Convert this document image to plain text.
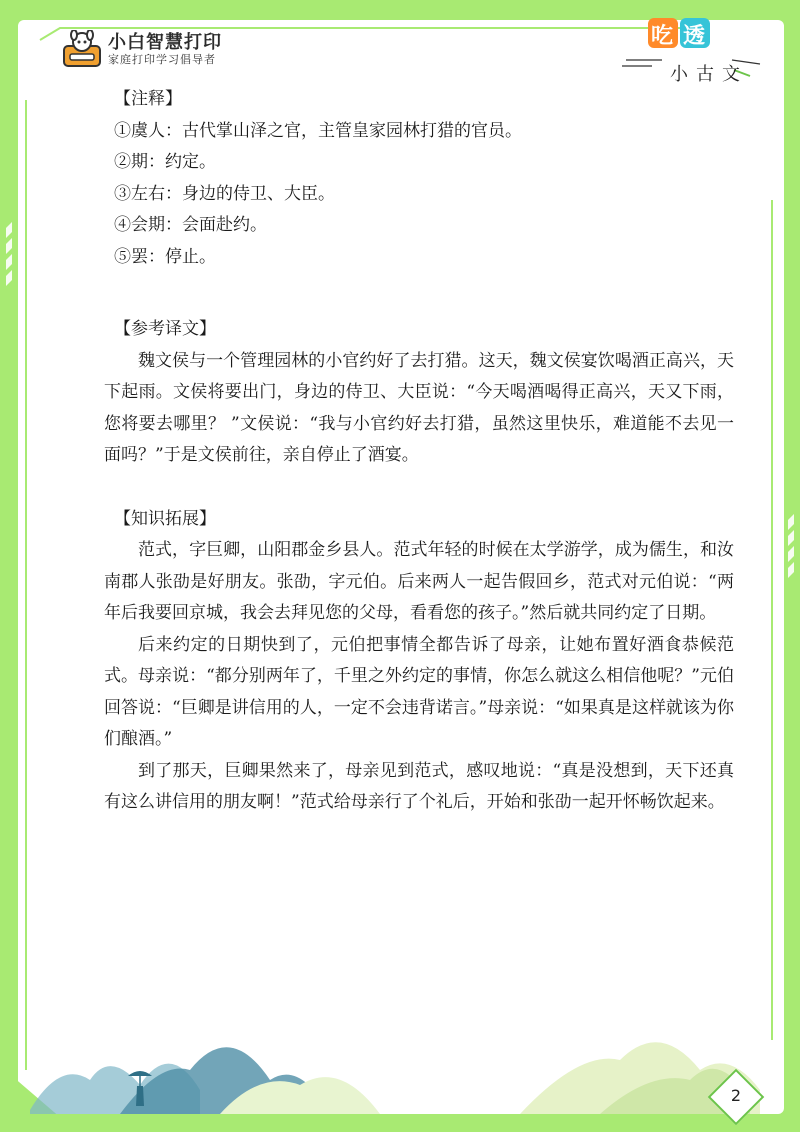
小白智慧打印
家庭打印学习倡导者
吃 透
小古文
【注释】
①虞人：古代掌山泽之官，主管皇家园林打猎的官员。
②期：约定。
③左右：身边的侍卫、大臣。
④会期：会面赴约。
⑤罢：停止。
【参考译文】

魏文侯与一个管理园林的小官约好了去打猎。这天，魏文侯宴饮喝酒正高兴，天下起雨。文侯将要出门，身边的侍卫、大臣说：“今天喝酒喝得正高兴，天又下雨，您将要去哪里？ ”文侯说：“我与小官约好去打猎，虽然这里快乐，难道能不去见一面吗？”于是文侯前往，亲自停止了酒宴。

【知识拓展】

范式，字巨卿，山阳郡金乡县人。范式年轻的时候在太学游学，成为儒生，和汝南郡人张劭是好朋友。张劭，字元伯。后来两人一起告假回乡，范式对元伯说：“两年后我要回京城，我会去拜见您的父母，看看您的孩子。”然后就共同约定了日期。

后来约定的日期快到了，元伯把事情全都告诉了母亲，让她布置好酒食恭候范式。母亲说：“都分别两年了，千里之外约定的事情，你怎么就这么相信他呢？”元伯回答说：“巨卿是讲信用的人，一定不会违背诺言。”母亲说：“如果真是这样就该为你们酿酒。”

到了那天，巨卿果然来了，母亲见到范式，感叹地说：“真是没想到，天下还真有这么讲信用的朋友啊！”范式给母亲行了个礼后，开始和张劭一起开怀畅饮起来。

2
